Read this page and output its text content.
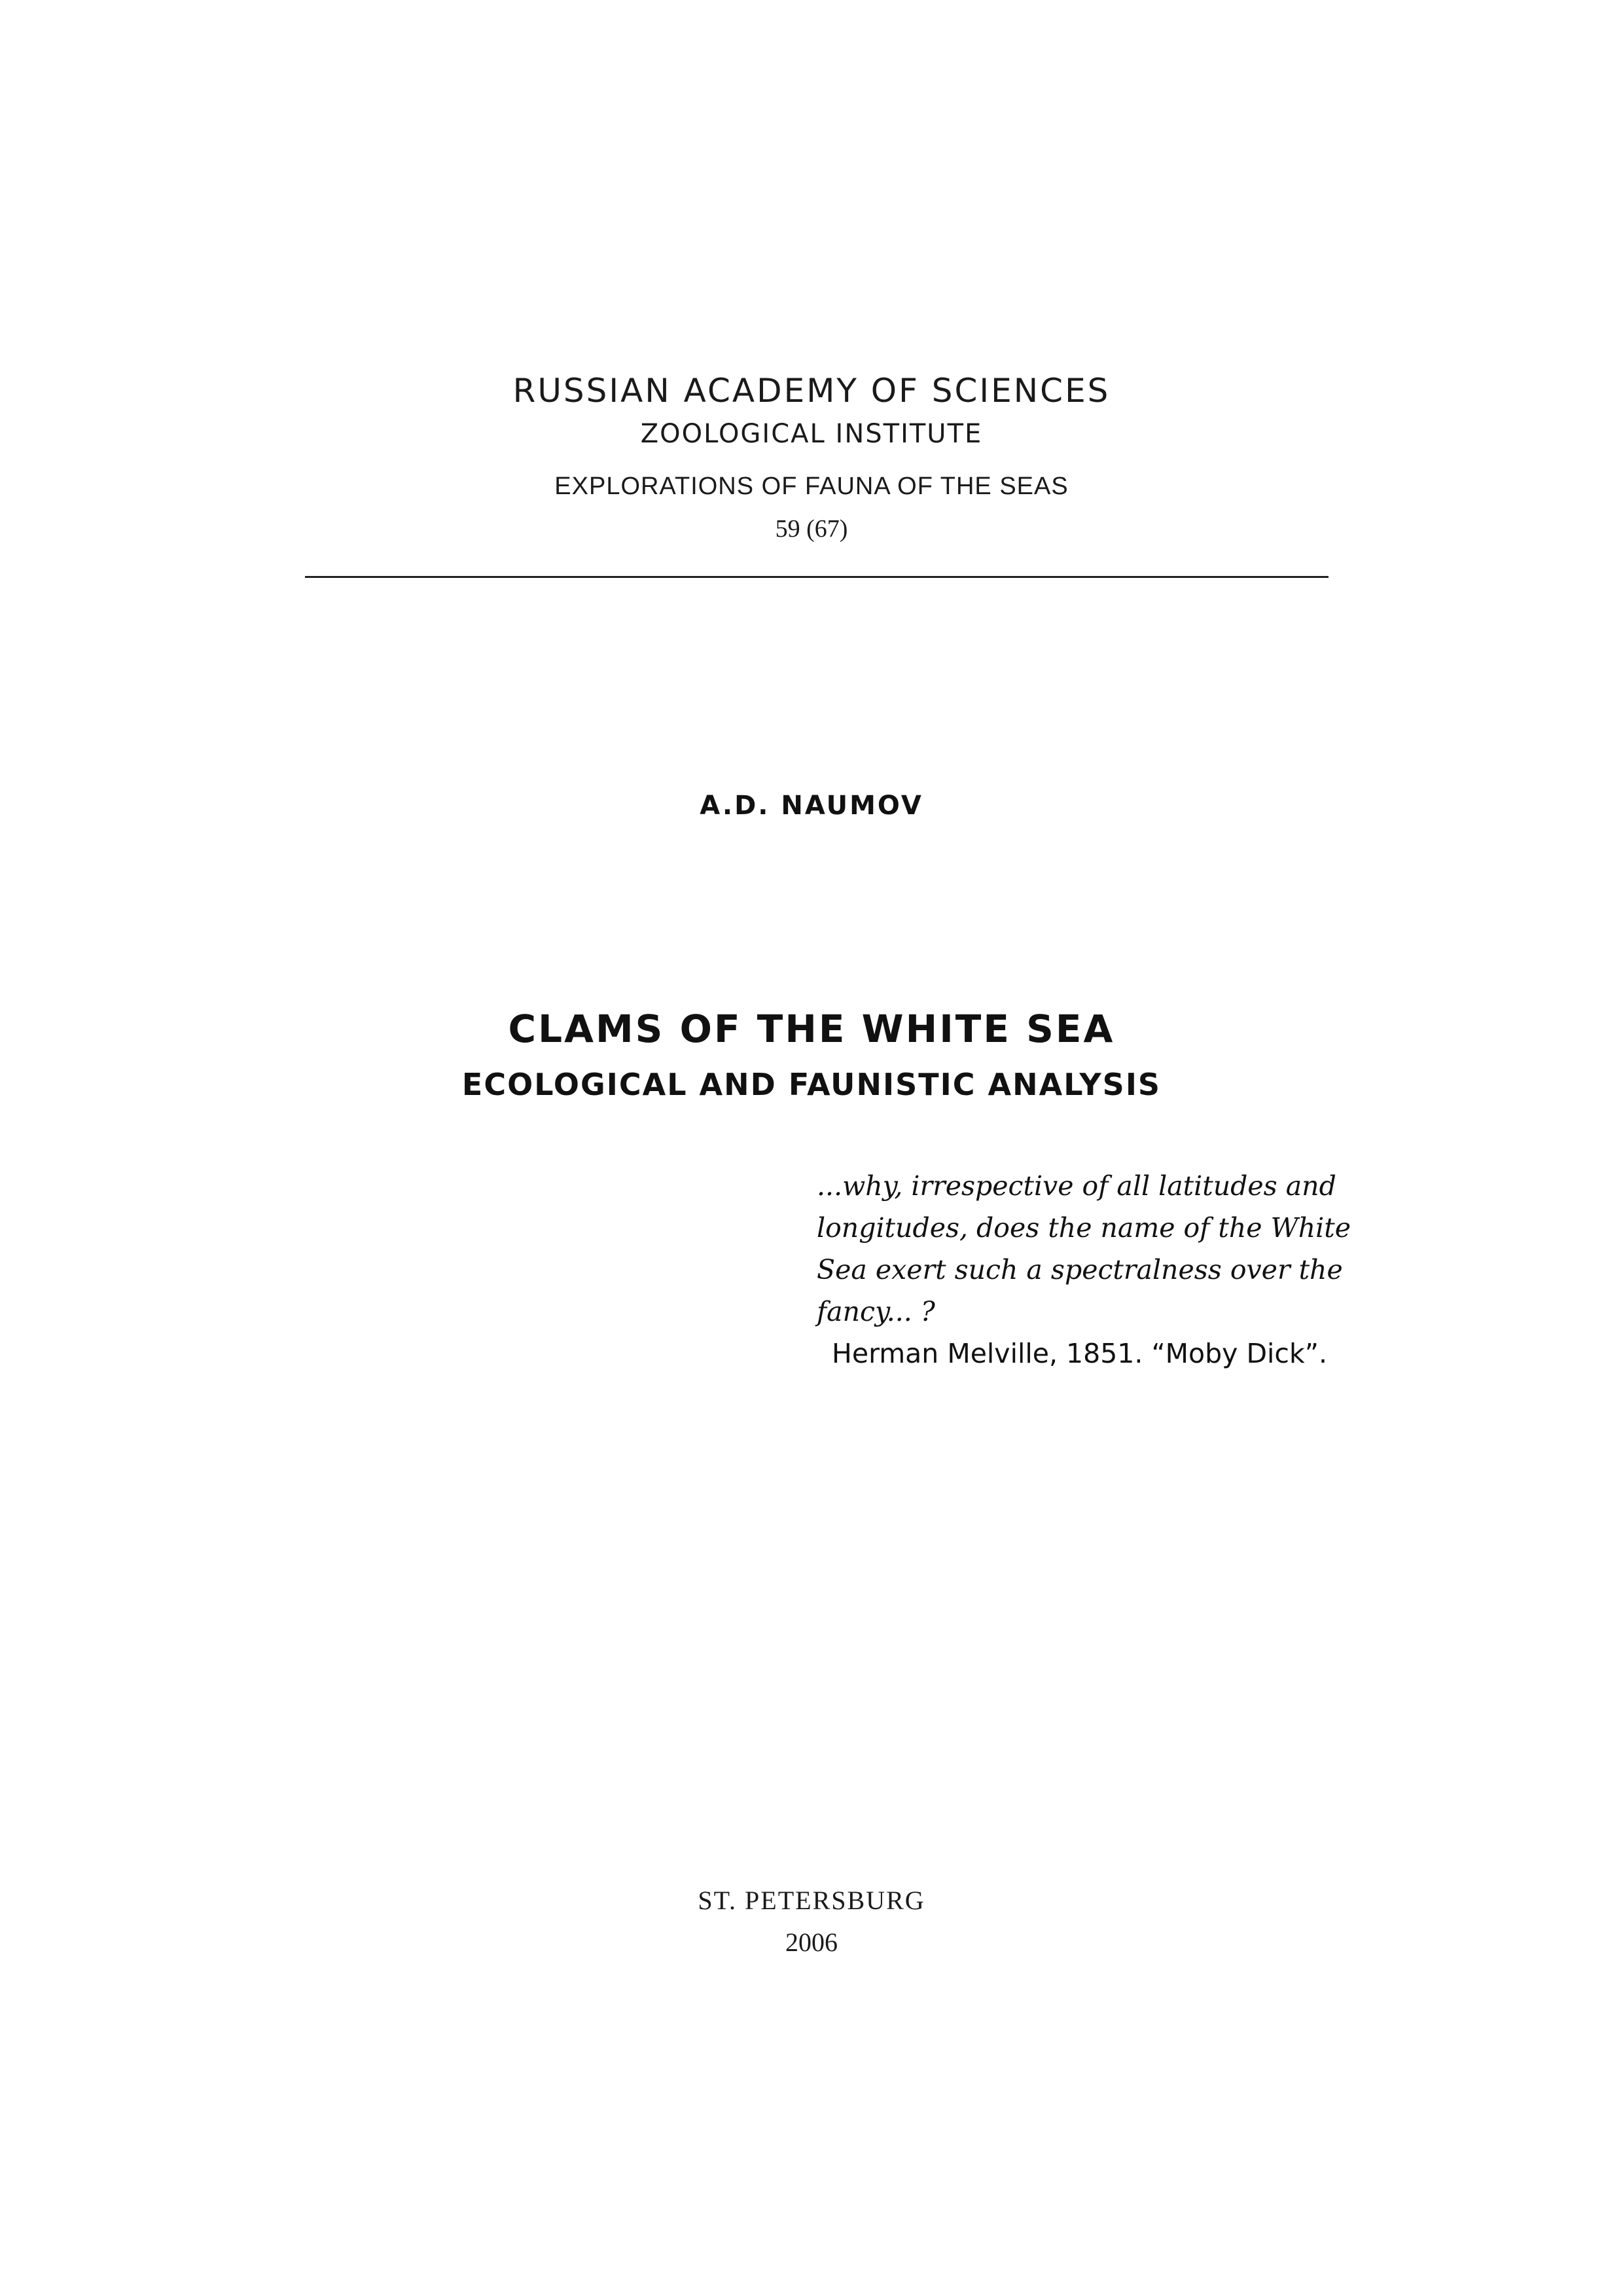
RUSSIAN ACADEMY OF SCIENCES
ZOOLOGICAL INSTITUTE
EXPLORATIONS OF FAUNA OF THE SEAS
59 (67)
A.D. NAUMOV
CLAMS OF THE WHITE SEA
ECOLOGICAL AND FAUNISTIC ANALYSIS
...why, irrespective of all latitudes and
longitudes, does the name of the White
Sea exert such a spectralness over the
fancy... ?
Herman Melville, 1851. “Moby Dick”.
ST. PETERSBURG
2006
